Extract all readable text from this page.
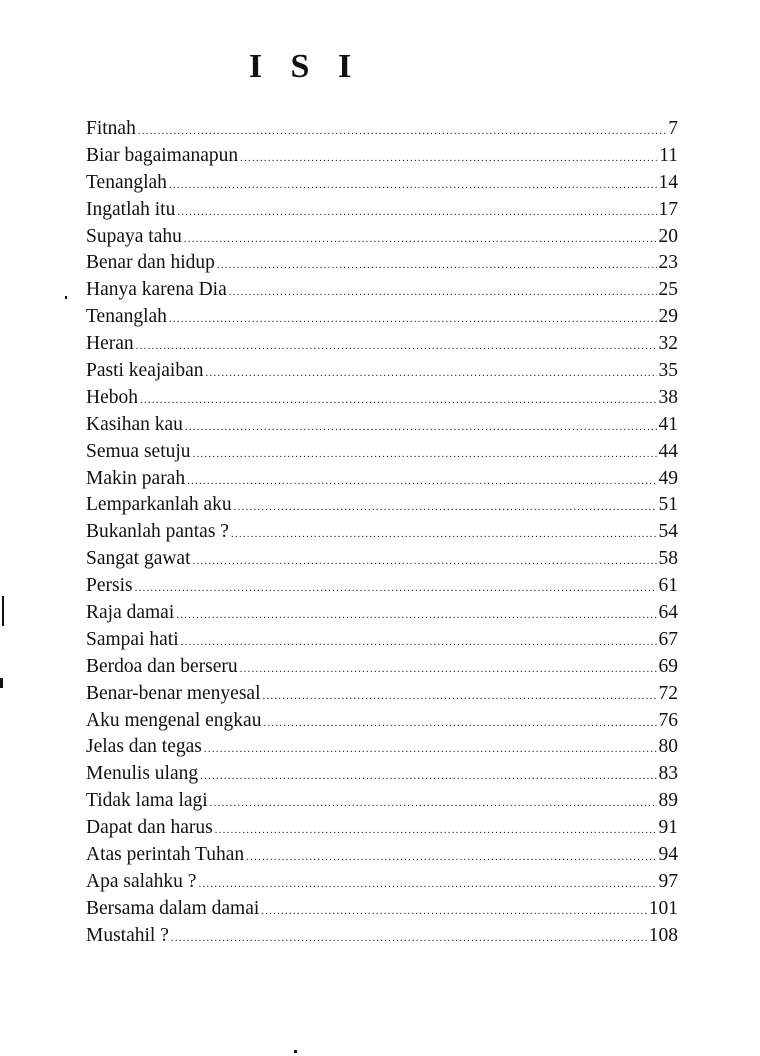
I S I
Fitnah .....	7
Biar bagaimanapun .....	11
Tenanglah .....	14
Ingatlah itu .....	17
Supaya tahu .....	20
Benar dan hidup .....	23
Hanya karena Dia .....	25
Tenanglah .....	29
Heran .....	32
Pasti keajaiban .....	35
Heboh .....	38
Kasihan kau .....	41
Semua setuju .....	44
Makin parah .....	49
Lemparkanlah aku .....	51
Bukanlah pantas ? .....	54
Sangat gawat .....	58
Persis .....	61
Raja damai .....	64
Sampai hati .....	67
Berdoa dan berseru .....	69
Benar-benar menyesal .....	72
Aku mengenal engkau .....	76
Jelas dan tegas .....	80
Menulis ulang .....	83
Tidak lama lagi .....	89
Dapat dan harus .....	91
Atas perintah Tuhan .....	94
Apa salahku ? .....	97
Bersama dalam damai .....	101
Mustahil ? .....	108
